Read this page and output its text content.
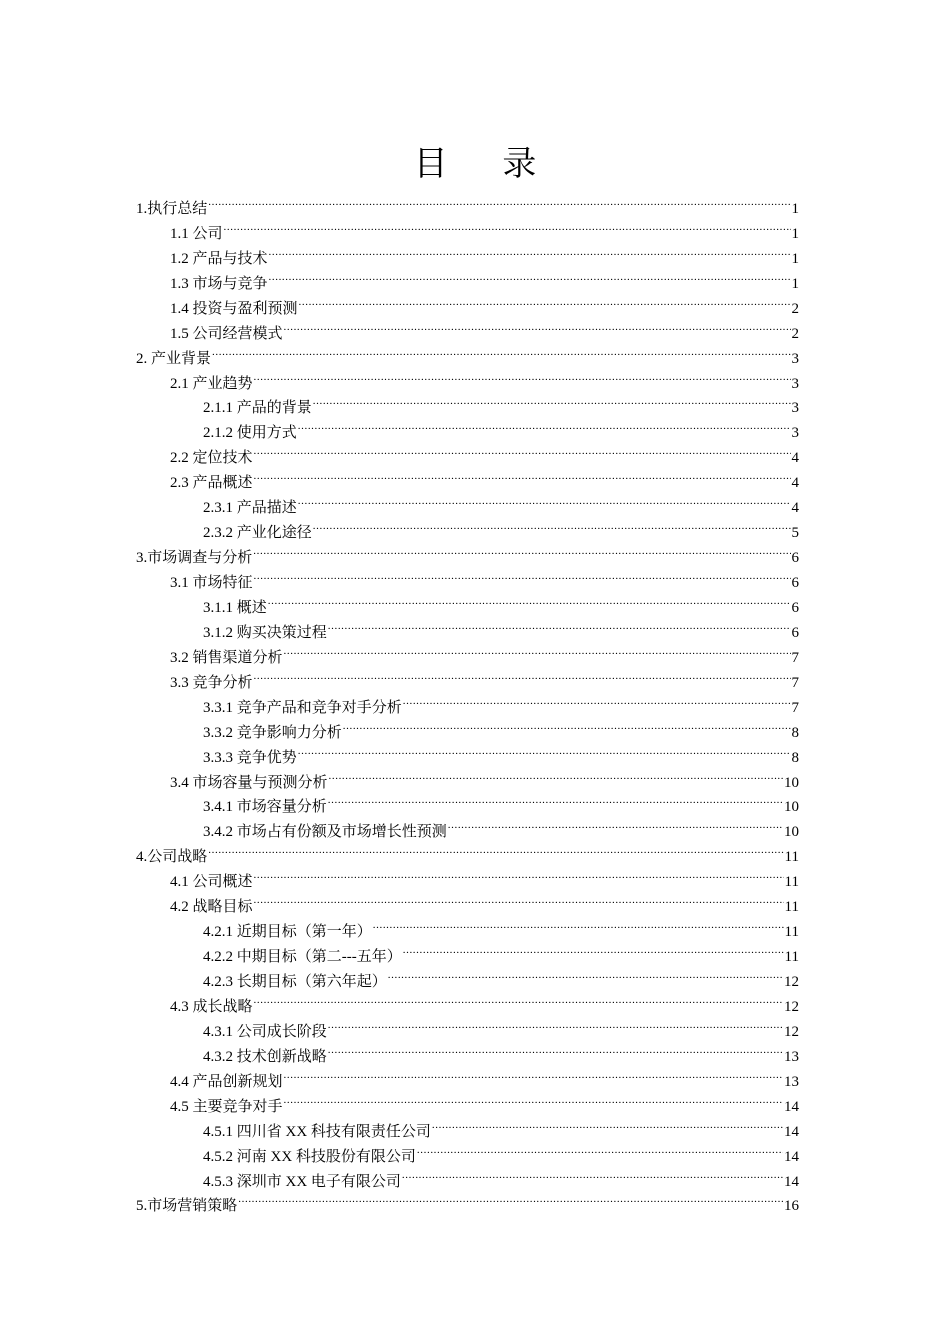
目 录
1.执行总结 .....	1
1.1 公司 .....	1
1.2 产品与技术 .....	1
1.3 市场与竞争 .....	1
1.4 投资与盈利预测 .....	2
1.5 公司经营模式 .....	2
2. 产业背景 .....	3
2.1 产业趋势 .....	3
2.1.1 产品的背景 .....	3
2.1.2 使用方式 .....	3
2.2 定位技术 .....	4
2.3 产品概述 .....	4
2.3.1 产品描述 .....	4
2.3.2 产业化途径 .....	5
3.市场调查与分析 .....	6
3.1 市场特征 .....	6
3.1.1 概述 .....	6
3.1.2 购买决策过程 .....	6
3.2 销售渠道分析 .....	7
3.3 竞争分析 .....	7
3.3.1 竞争产品和竞争对手分析 .....	7
3.3.2 竞争影响力分析 .....	8
3.3.3 竞争优势 .....	8
3.4 市场容量与预测分析 .....	10
3.4.1 市场容量分析 .....	10
3.4.2 市场占有份额及市场增长性预测 .....	10
4.公司战略 .....	11
4.1 公司概述 .....	11
4.2 战略目标 .....	11
4.2.1 近期目标（第一年） .....	11
4.2.2 中期目标（第二---五年） .....	11
4.2.3 长期目标（第六年起） .....	12
4.3 成长战略 .....	12
4.3.1 公司成长阶段 .....	12
4.3.2 技术创新战略 .....	13
4.4 产品创新规划 .....	13
4.5 主要竞争对手 .....	14
4.5.1 四川省 XX 科技有限责任公司 .....	14
4.5.2 河南 XX 科技股份有限公司 .....	14
4.5.3 深圳市 XX 电子有限公司 .....	14
5.市场营销策略 .....	16
